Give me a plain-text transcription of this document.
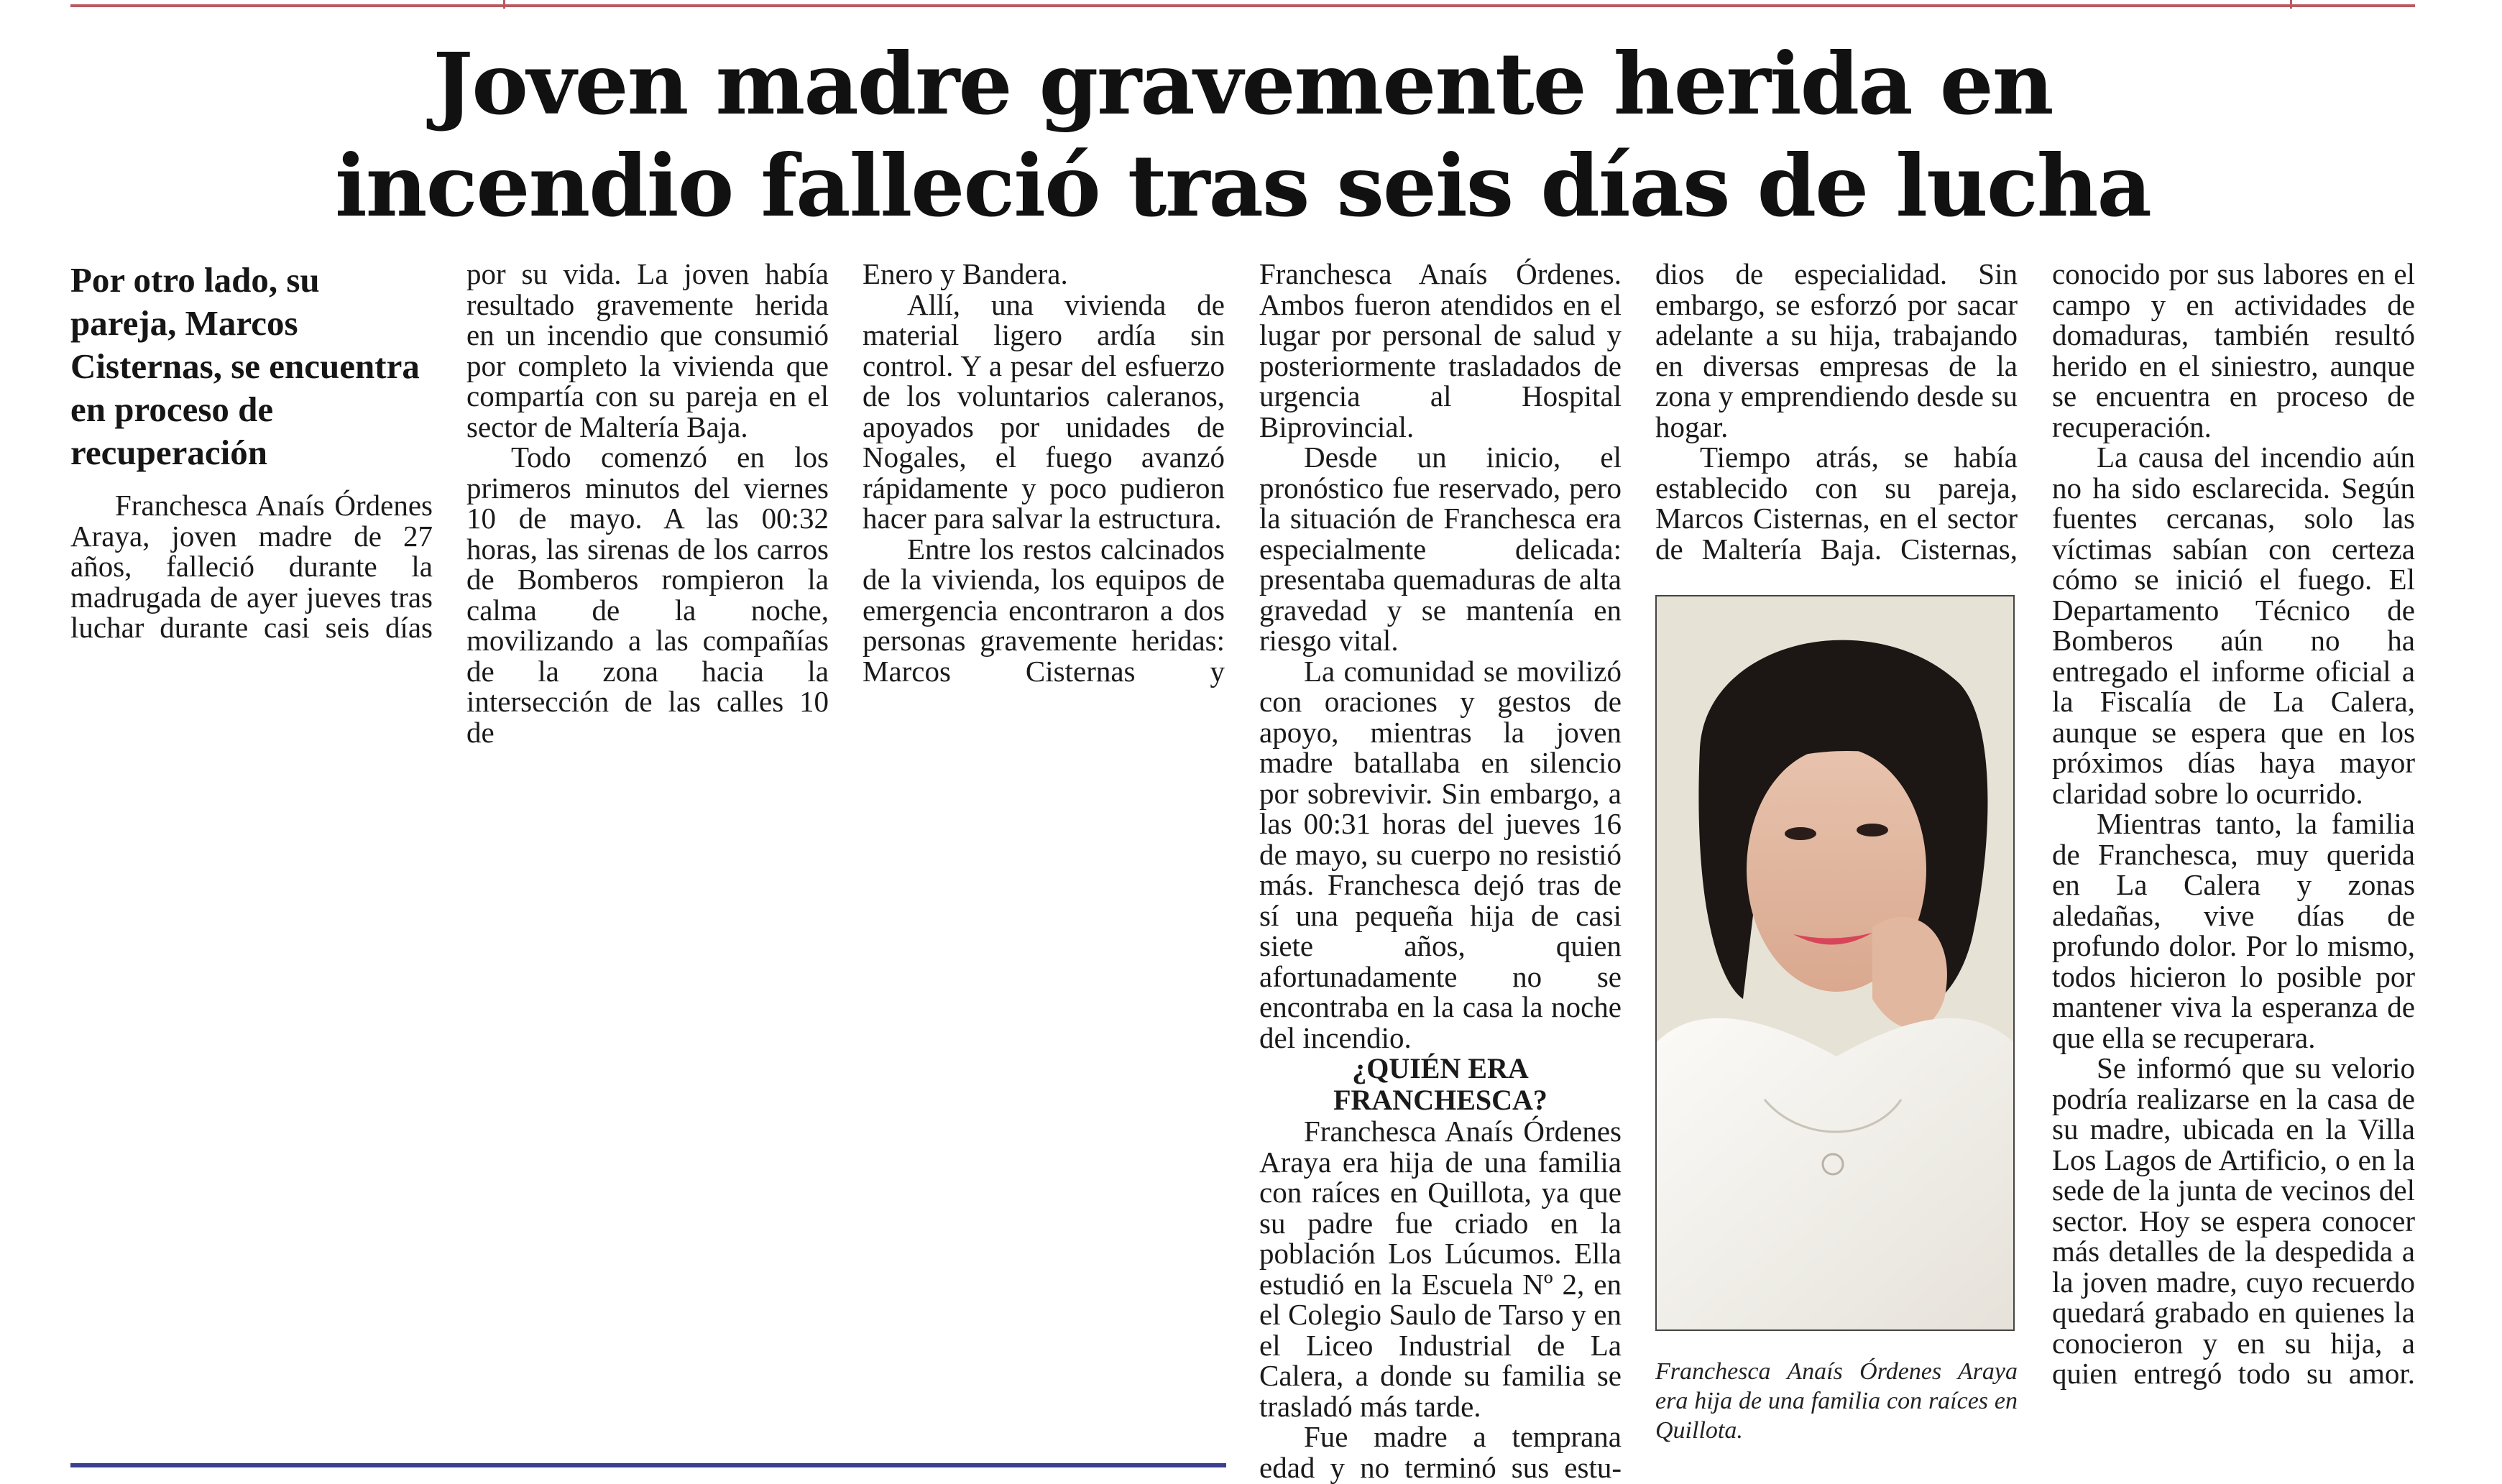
Joven madre gravemente herida en
incendio falleció tras seis días de lucha
Por otro lado, su pareja, Marcos Cisternas, se encuentra en proceso de recuperación

Franchesca Anaís Órdenes Araya, joven madre de 27 años, falleció durante la madrugada de ayer jueves tras luchar durante casi seis días

por su vida. La joven había resultado gravemente herida en un incendio que consumió por completo la vivienda que compartía con su pareja en el sector de Maltería Baja.

Todo comenzó en los primeros minutos del viernes 10 de mayo. A las 00:32 horas, las sirenas de los carros de Bomberos rompieron la calma de la noche, movilizando a las compañías de la zona hacia la intersección de las calles 10 de

Enero y Bandera.

Allí, una vivienda de material ligero ardía sin control. Y a pesar del esfuerzo de los voluntarios caleranos, apoyados por unidades de Nogales, el fuego avanzó rápidamente y poco pudieron hacer para salvar la estructura.

Entre los restos calcinados de la vivienda, los equipos de emergencia encontraron a dos personas gravemente heridas: Marcos Cisternas y

Franchesca Anaís Órdenes. Ambos fueron atendidos en el lugar por personal de salud y posteriormente trasladados de urgencia al Hospital Biprovincial.

Desde un inicio, el pronóstico fue reservado, pero la situación de Franchesca era especialmente delicada: presentaba quemaduras de alta gravedad y se mantenía en riesgo vital.

La comunidad se movilizó con oraciones y gestos de apoyo, mientras la joven madre batallaba en silencio por sobrevivir. Sin embargo, a las 00:31 horas del jueves 16 de mayo, su cuerpo no resistió más. Franchesca dejó tras de sí una pequeña hija de casi siete años, quien afortunadamente no se encontraba en la casa la noche del incendio.

¿QUIÉN ERA FRANCHESCA?

Franchesca Anaís Órdenes Araya era hija de una familia con raíces en Quillota, ya que su padre fue criado en la población Los Lúcumos. Ella estudió en la Escuela Nº 2, en el Colegio Saulo de Tarso y en el Liceo Industrial de La Calera, a donde su familia se trasladó más tarde.

Fue madre a temprana edad y no terminó sus estu-

dios de especialidad. Sin embargo, se esforzó por sacar adelante a su hija, trabajando en diversas empresas de la zona y emprendiendo desde su hogar.

Tiempo atrás, se había establecido con su pareja, Marcos Cisternas, en el sector de Maltería Baja. Cisternas,

Franchesca Anaís Órdenes Araya era hija de una familia con raíces en Quillota.

conocido por sus labores en el campo y en actividades de domaduras, también resultó herido en el siniestro, aunque se encuentra en proceso de recuperación.

La causa del incendio aún no ha sido esclarecida. Según fuentes cercanas, solo las víctimas sabían con certeza cómo se inició el fuego. El Departamento Técnico de Bomberos aún no ha entregado el informe oficial a la Fiscalía de La Calera, aunque se espera que en los próximos días haya mayor claridad sobre lo ocurrido.

Mientras tanto, la familia de Franchesca, muy querida en La Calera y zonas aledañas, vive días de profundo dolor. Por lo mismo, todos hicieron lo posible por mantener viva la esperanza de que ella se recuperara.

Se informó que su velorio podría realizarse en la casa de su madre, ubicada en la Villa Los Lagos de Artificio, o en la sede de la junta de vecinos del sector. Hoy se espera conocer más detalles de la despedida a la joven madre, cuyo recuerdo quedará grabado en quienes la conocieron y en su hija, a quien entregó todo su amor.
